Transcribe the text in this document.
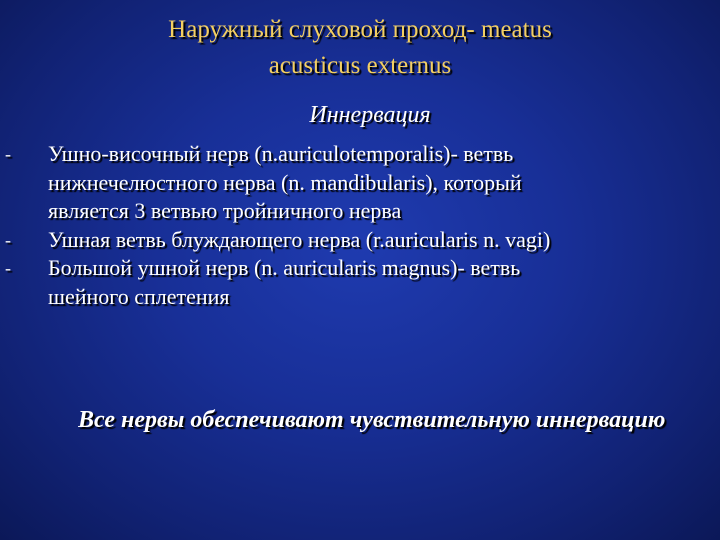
Наружный слуховой проход- meatus
acusticus externus
Иннервация
- Ушно-височный нерв (n.auriculotemporalis)- ветвь
нижнечелюстного нерва (n. mandibularis), который
является 3 ветвью тройничного нерва
- Ушная ветвь блуждающего нерва (r.auricularis n. vagi)
- Большой ушной нерв (n. auricularis magnus)- ветвь
шейного сплетения
Все нервы обеспечивают чувствительную иннервацию
